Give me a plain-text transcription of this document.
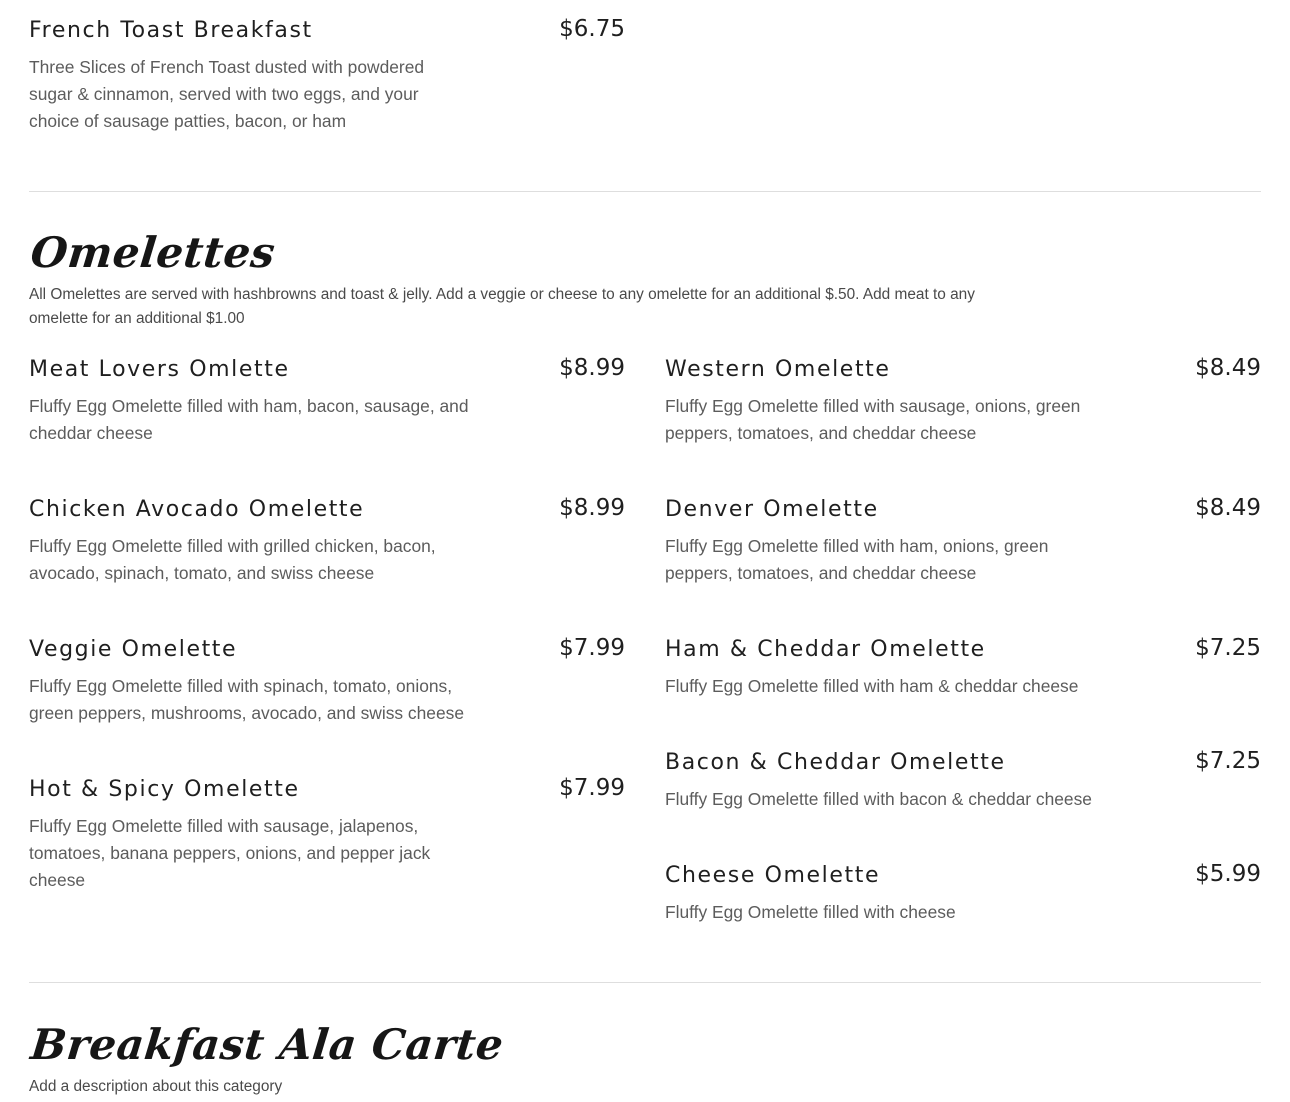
French Toast Breakfast	$6.75
Three Slices of French Toast dusted with powdered sugar & cinnamon, served with two eggs, and your choice of sausage patties, bacon, or ham
Omelettes
All Omelettes are served with hashbrowns and toast & jelly. Add a veggie or cheese to any omelette for an additional $.50. Add meat to any omelette for an additional $1.00
Meat Lovers Omlette	$8.99
Fluffy Egg Omelette filled with ham, bacon, sausage, and cheddar cheese
Chicken Avocado Omelette	$8.99
Fluffy Egg Omelette filled with grilled chicken, bacon, avocado, spinach, tomato, and swiss cheese
Veggie Omelette	$7.99
Fluffy Egg Omelette filled with spinach, tomato, onions, green peppers, mushrooms, avocado, and swiss cheese
Hot & Spicy Omelette	$7.99
Fluffy Egg Omelette filled with sausage, jalapenos, tomatoes, banana peppers, onions, and pepper jack cheese
Western Omelette	$8.49
Fluffy Egg Omelette filled with sausage, onions, green peppers, tomatoes, and cheddar cheese
Denver Omelette	$8.49
Fluffy Egg Omelette filled with ham, onions, green peppers, tomatoes, and cheddar cheese
Ham & Cheddar Omelette	$7.25
Fluffy Egg Omelette filled with ham & cheddar cheese
Bacon & Cheddar Omelette	$7.25
Fluffy Egg Omelette filled with bacon & cheddar cheese
Cheese Omelette	$5.99
Fluffy Egg Omelette filled with cheese
Breakfast Ala Carte
Add a description about this category
